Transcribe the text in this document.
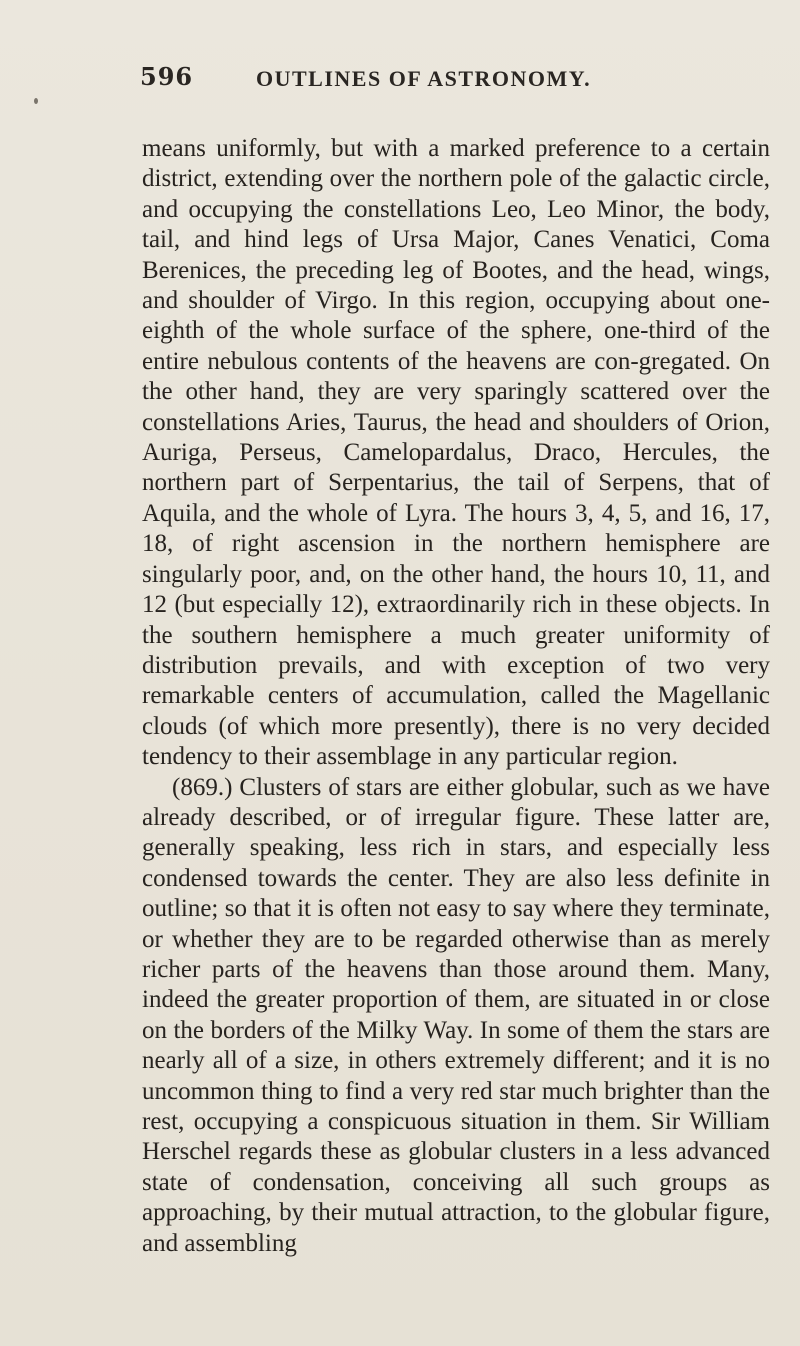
596	OUTLINES OF ASTRONOMY.

means uniformly, but with a marked preference to a certain district, extending over the northern pole of the galactic circle, and occupying the constellations Leo, Leo Minor, the body, tail, and hind legs of Ursa Major, Canes Venatici, Coma Berenices, the preceding leg of Bootes, and the head, wings, and shoulder of Virgo. In this region, occupying about one-eighth of the whole surface of the sphere, one-third of the entire nebulous contents of the heavens are con-gregated. On the other hand, they are very sparingly scattered over the constellations Aries, Taurus, the head and shoulders of Orion, Auriga, Perseus, Camelopardalus, Draco, Hercules, the northern part of Serpentarius, the tail of Serpens, that of Aquila, and the whole of Lyra. The hours 3, 4, 5, and 16, 17, 18, of right ascension in the northern hemisphere are singularly poor, and, on the other hand, the hours 10, 11, and 12 (but especially 12), extraordinarily rich in these objects. In the southern hemisphere a much greater uniformity of distribution prevails, and with exception of two very remarkable centers of accumulation, called the Magellanic clouds (of which more presently), there is no very decided tendency to their assemblage in any particular region.

(869.) Clusters of stars are either globular, such as we have already described, or of irregular figure. These latter are, generally speaking, less rich in stars, and especially less condensed towards the center. They are also less definite in outline; so that it is often not easy to say where they terminate, or whether they are to be regarded otherwise than as merely richer parts of the heavens than those around them. Many, indeed the greater proportion of them, are situated in or close on the borders of the Milky Way. In some of them the stars are nearly all of a size, in others extremely different; and it is no uncommon thing to find a very red star much brighter than the rest, occupying a conspicuous situation in them. Sir William Herschel regards these as globular clusters in a less advanced state of condensation, conceiving all such groups as approaching, by their mutual attraction, to the globular figure, and assembling
